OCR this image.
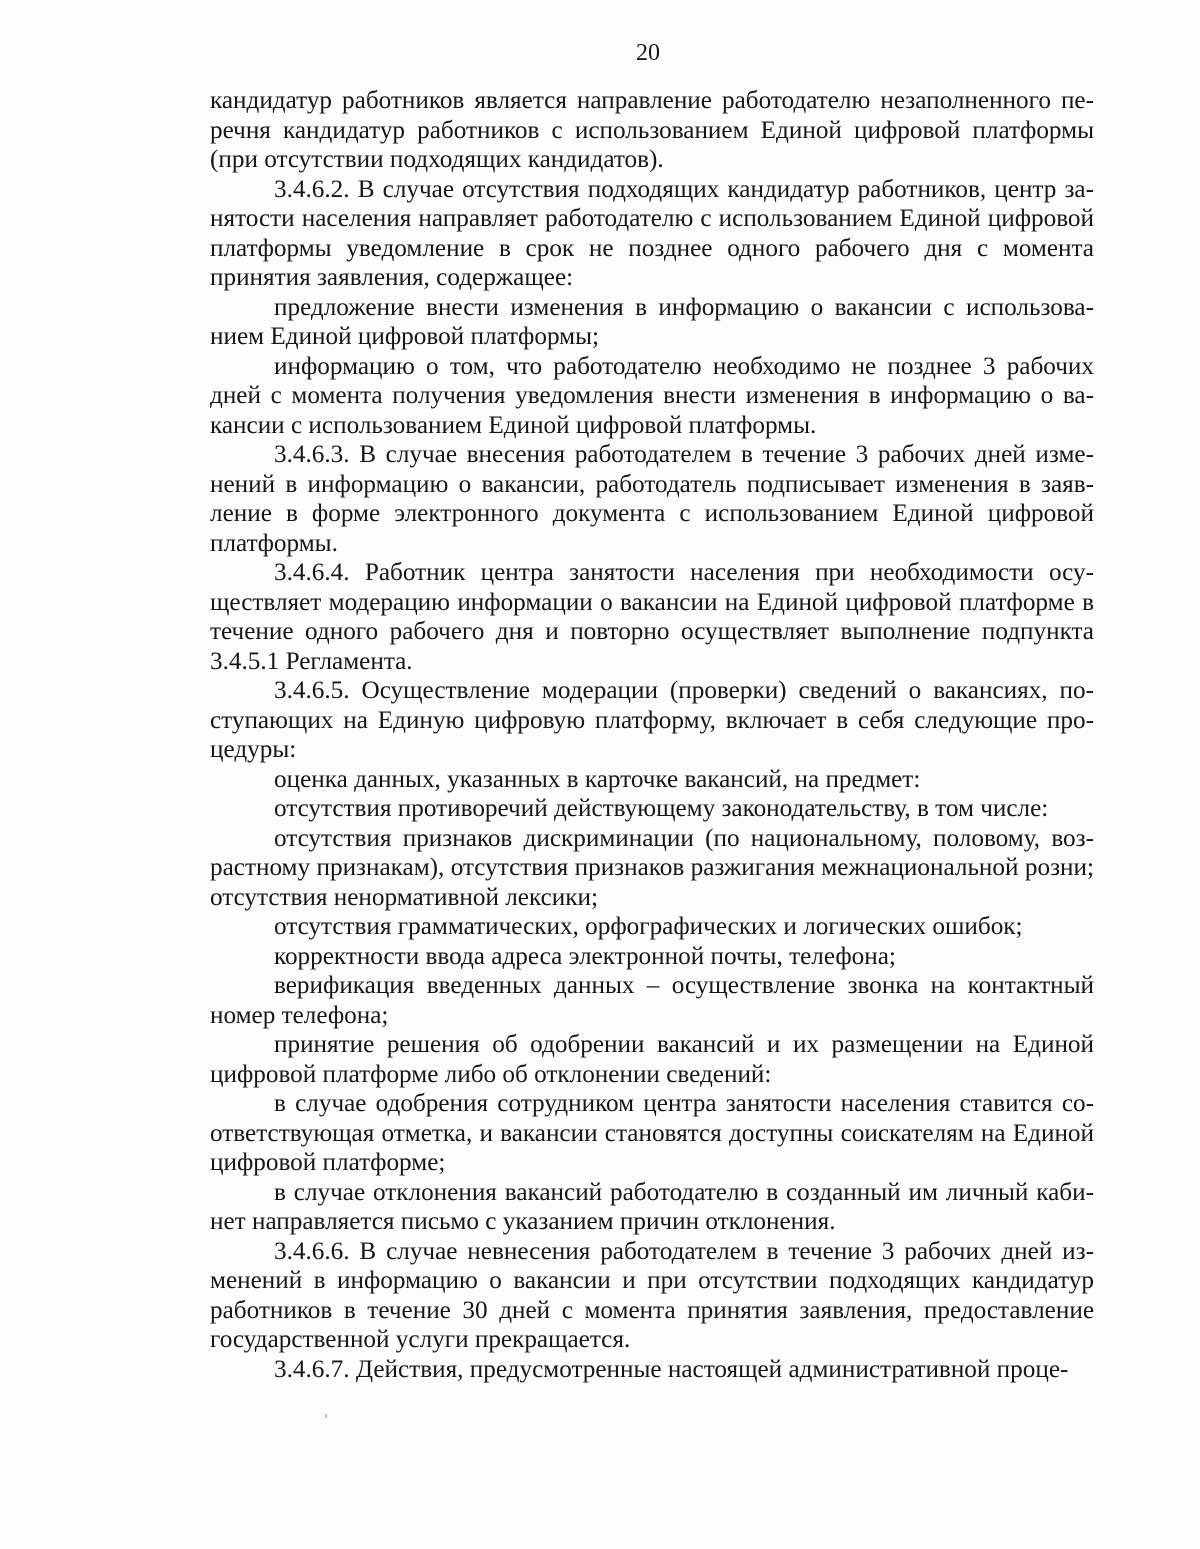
20

кандидатур работников является направление работодателю незаполненного перечня кандидатур работников с использованием Единой цифровой платформы (при отсутствии подходящих кандидатов).

3.4.6.2. В случае отсутствия подходящих кандидатур работников, центр занятости населения направляет работодателю с использованием Единой цифровой платформы уведомление в срок не позднее одного рабочего дня с момента принятия заявления, содержащее:

предложение внести изменения в информацию о вакансии с использованием Единой цифровой платформы;

информацию о том, что работодателю необходимо не позднее 3 рабочих дней с момента получения уведомления внести изменения в информацию о вакансии с использованием Единой цифровой платформы.

3.4.6.3. В случае внесения работодателем в течение 3 рабочих дней изменений в информацию о вакансии, работодатель подписывает изменения в заявление в форме электронного документа с использованием Единой цифровой платформы.

3.4.6.4. Работник центра занятости населения при необходимости осуществляет модерацию информации о вакансии на Единой цифровой платформе в течение одного рабочего дня и повторно осуществляет выполнение подпункта 3.4.5.1 Регламента.

3.4.6.5. Осуществление модерации (проверки) сведений о вакансиях, поступающих на Единую цифровую платформу, включает в себя следующие процедуры:

оценка данных, указанных в карточке вакансий, на предмет:

отсутствия противоречий действующему законодательству, в том числе:

отсутствия признаков дискриминации (по национальному, половому, возрастному признакам), отсутствия признаков разжигания межнациональной розни; отсутствия ненормативной лексики;

отсутствия грамматических, орфографических и логических ошибок;

корректности ввода адреса электронной почты, телефона;

верификация введенных данных – осуществление звонка на контактный номер телефона;

принятие решения об одобрении вакансий и их размещении на Единой цифровой платформе либо об отклонении сведений:

в случае одобрения сотрудником центра занятости населения ставится соответствующая отметка, и вакансии становятся доступны соискателям на Единой цифровой платформе;

в случае отклонения вакансий работодателю в созданный им личный кабинет направляется письмо с указанием причин отклонения.

3.4.6.6. В случае невнесения работодателем в течение 3 рабочих дней изменений в информацию о вакансии и при отсутствии подходящих кандидатур работников в течение 30 дней с момента принятия заявления, предоставление государственной услуги прекращается.

3.4.6.7. Действия, предусмотренные настоящей административной проце-
